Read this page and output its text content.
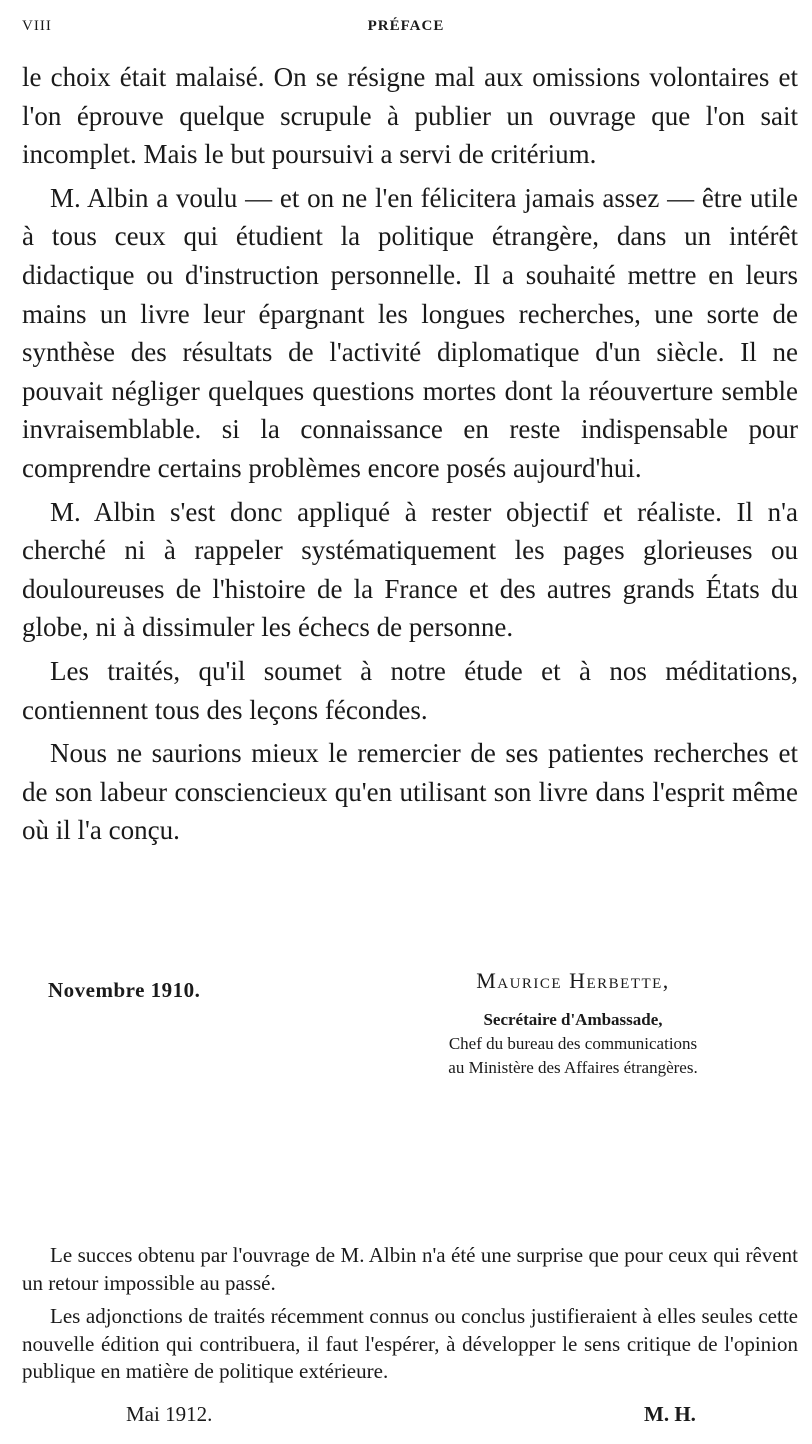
VIII	PRÉFACE

le choix était malaisé. On se résigne mal aux omissions volontaires et l'on éprouve quelque scrupule à publier un ouvrage que l'on sait incomplet. Mais le but poursuivi a servi de critérium.

M. Albin a voulu — et on ne l'en félicitera jamais assez — être utile à tous ceux qui étudient la politique étrangère, dans un intérêt didactique ou d'instruction personnelle. Il a souhaité mettre en leurs mains un livre leur épargnant les longues recherches, une sorte de synthèse des résultats de l'activité diplomatique d'un siècle. Il ne pouvait négliger quelques questions mortes dont la réouverture semble invraisemblable. si la connaissance en reste indispensable pour comprendre certains problèmes encore posés aujourd'hui.

M. Albin s'est donc appliqué à rester objectif et réaliste. Il n'a cherché ni à rappeler systématiquement les pages glorieuses ou douloureuses de l'histoire de la France et des autres grands États du globe, ni à dissimuler les échecs de personne.

Les traités, qu'il soumet à notre étude et à nos méditations, contiennent tous des leçons fécondes.

Nous ne saurions mieux le remercier de ses patientes recherches et de son labeur consciencieux qu'en utilisant son livre dans l'esprit même où il l'a conçu.

Novembre 1910.	Maurice Herbette,
Secrétaire d'Ambassade,
Chef du bureau des communications
au Ministère des Affaires étrangères.

Le succes obtenu par l'ouvrage de M. Albin n'a été une surprise que pour ceux qui rêvent un retour impossible au passé.

Les adjonctions de traités récemment connus ou conclus justifieraient à elles seules cette nouvelle édition qui contribuera, il faut l'espérer, à développer le sens critique de l'opinion publique en matière de politique extérieure.

Mai 1912.	M. H.
